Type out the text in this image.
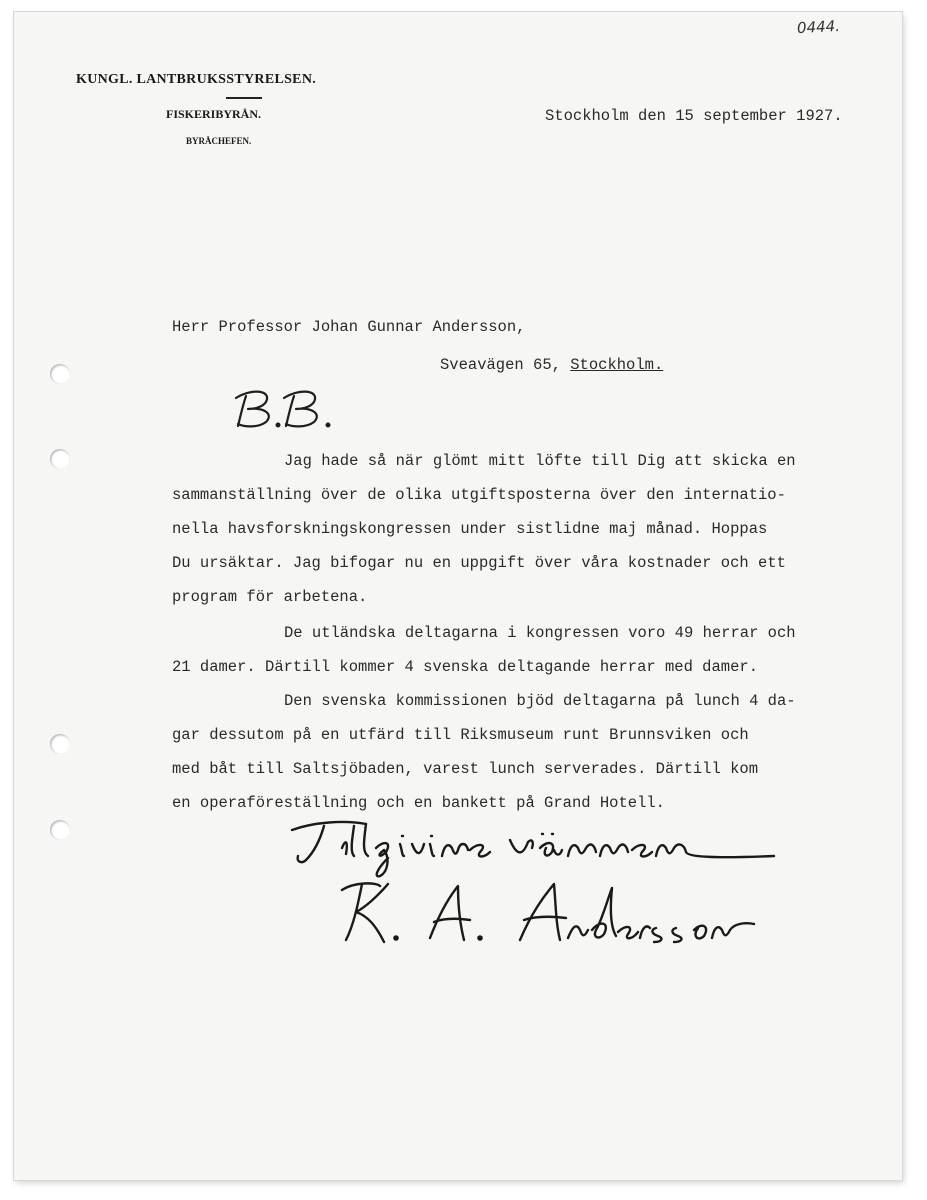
0444.
KUNGL. LANTBRUKSSTYRELSEN.
FISKERIBYRÅN.
BYRÅCHEFEN.
Stockholm den 15 september 1927.
Herr Professor Johan Gunnar Andersson,
Sveavägen 65, Stockholm.
Jag hade så när glömt mitt löfte till Dig att skicka en
sammanställning över de olika utgiftsposterna över den internatio-
nella havsforskningskongressen under sistlidne maj månad. Hoppas
Du ursäktar. Jag bifogar nu en uppgift över våra kostnader och ett
program för arbetena.
De utländska deltagarna i kongressen voro 49 herrar och
21 damer. Därtill kommer 4 svenska deltagande herrar med damer.
Den svenska kommissionen bjöd deltagarna på lunch 4 da-
gar dessutom på en utfärd till Riksmuseum runt Brunnsviken och
med båt till Saltsjöbaden, varest lunch serverades. Därtill kom
en operaföreställning och en bankett på Grand Hotell.
